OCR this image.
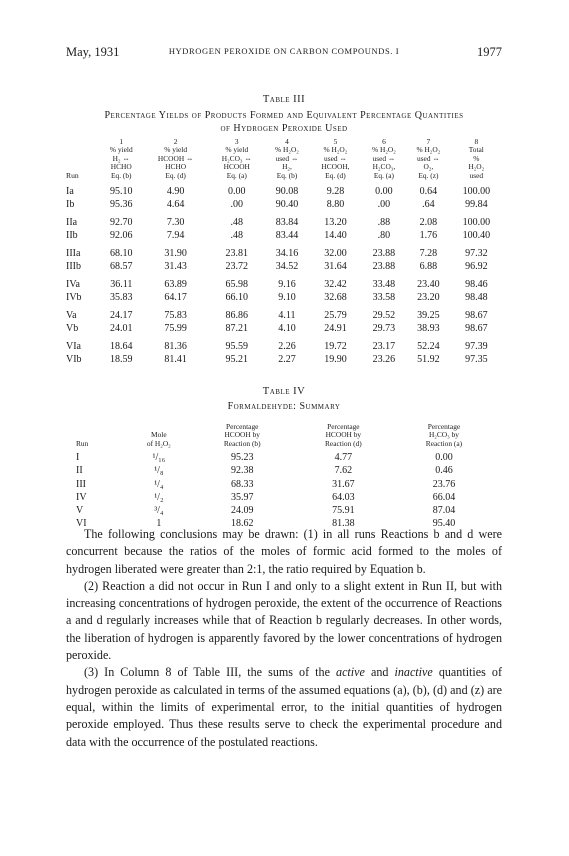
May, 1931	HYDROGEN PEROXIDE ON CARBON COMPOUNDS. I	1977
Table III
Percentage Yields of Products Formed and Equivalent Percentage Quantities
of Hydrogen Peroxide Used
	1	2	3	4	5	6	7	8
	% yield	% yield	% yield	% H₂O₂	% H₂O₂	% H₂O₂	% H₂O₂	Total
	H₂ ⇔	HCOOH ⇔	H₂CO₃ ⇔	used ⇔	used ⇔	used ⇔	used ⇔	%
	HCHO	HCHO	HCOOH	H₂,	HCOOH,	H₂CO₃,	O₂,	H₂O₂
Run	Eq. (b)	Eq. (d)	Eq. (a)	Eq. (b)	Eq. (d)	Eq. (a)	Eq. (z)	used
Ia	95.10	4.90	0.00	90.08	9.28	0.00	0.64	100.00
Ib	95.36	4.64	.00	90.40	8.80	.00	.64	99.84
IIa	92.70	7.30	.48	83.84	13.20	.88	2.08	100.00
IIb	92.06	7.94	.48	83.44	14.40	.80	1.76	100.40
IIIa	68.10	31.90	23.81	34.16	32.00	23.88	7.28	97.32
IIIb	68.57	31.43	23.72	34.52	31.64	23.88	6.88	96.92
IVa	36.11	63.89	65.98	9.16	32.42	33.48	23.40	98.46
IVb	35.83	64.17	66.10	9.10	32.68	33.58	23.20	98.48
Va	24.17	75.83	86.86	4.11	25.79	29.52	39.25	98.67
Vb	24.01	75.99	87.21	4.10	24.91	29.73	38.93	98.67
VIa	18.64	81.36	95.59	2.26	19.72	23.17	52.24	97.39
VIb	18.59	81.41	95.21	2.27	19.90	23.26	51.92	97.35
Table IV
Formaldehyde: Summary
		Percentage	Percentage	Percentage
	Mole	HCOOH by	HCOOH by	H₂CO₃ by
Run	of H₂O₂	Reaction (b)	Reaction (d)	Reaction (a)

I	¹/₁₆	95.23	4.77	0.00
II	¹/₈	92.38	7.62	0.46
III	¹/₄	68.33	31.67	23.76
IV	¹/₂	35.97	64.03	66.04
V	³/₄	24.09	75.91	87.04
VI	1	18.62	81.38	95.40

The following conclusions may be drawn: (1) in all runs Reactions b and d were concurrent because the ratios of the moles of formic acid formed to the moles of hydrogen liberated were greater than 2:1, the ratio required by Equation b.

(2) Reaction a did not occur in Run I and only to a slight extent in Run II, but with increasing concentrations of hydrogen peroxide, the extent of the occurrence of Reactions a and d regularly increases while that of Reaction b regularly decreases. In other words, the liberation of hydrogen is apparently favored by the lower concentrations of hydrogen peroxide.

(3) In Column 8 of Table III, the sums of the active and inactive quantities of hydrogen peroxide as calculated in terms of the assumed equations (a), (b), (d) and (z) are equal, within the limits of experimental error, to the initial quantities of hydrogen peroxide employed. Thus these results serve to check the experimental procedure and data with the occurrence of the postulated reactions.
